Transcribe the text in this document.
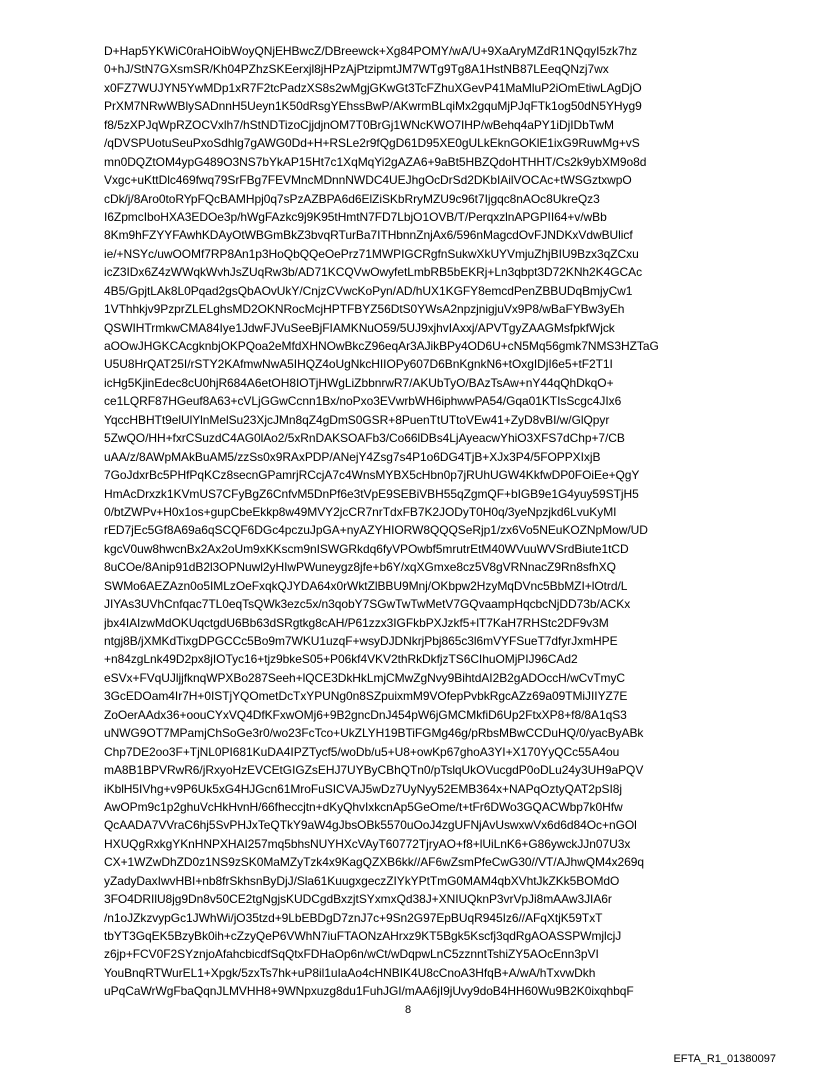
D+Hap5YKWiC0raHOibWoyQNjEHBwcZ/DBreewck+Xg84POMY/wA/U+9XaAryMZdR1NQqyI5zk7hz
0+hJ/StN7GXsmSR/Kh04PZhzSKEerxjl8jHPzAjPtzipmtJM7WTg9Tg8A1HstNB87LEeqQNzj7wx
x0FZ7WUJYN5YwMDp1xR7F2tcPadzXS8s2wMgjGKwGt3TcFZhuXGevP41MaMluP2iOmEtiwLAgDjO
PrXM7NRwWBlySADnnH5Ueyn1K50dRsgYEhssBwP/AKwrmBLqiMx2gquMjPJqFTk1og50dN5YHyg9
f8/5zXPJqWpRZOCVxlh7/hStNDTizoCjjdjnOM7T0BrGj1WNcKWO7IHP/wBehq4aPY1iDjIDbTwM
/qDVSPUotuSeuPxoSdhlg7gAWG0Dd+H+RSLe2r9fQgD61D95XE0gULkEknGOKlE1ixG9RuwMg+vS
mn0DQZtOM4ypG489O3NS7bYkAP15Ht7c1XqMqYi2gAZA6+9aBt5HBZQdoHTHHT/Cs2k9ybXM9o8d
Vxgc+uKttDlc469fwq79SrFBg7FEVMncMDnnNWDC4UEJhgOcDrSd2DKbIAilVOCAc+tWSGztxwpO
cDk/j/8Aro0toRYpFQcBAMHpj0q7sPzAZBPA6d6ElZiSKbRryMZU9c96t7Ijgqc8nAOc8UkreQz3
I6ZpmcIboHXA3EDOe3p/hWgFAzkc9j9K95tHmtN7FD7LbjO1OVB/T/PerqxzlnAPGPII64+v/wBb
8Km9hFZYYFAwhKDAyOtWBGmBkZ3bvqRTurBa7ITHbnnZnjAx6/596nMagcdOvFJNDKxVdwBUlicf
ie/+NSYc/uwOOMf7RP8An1p3HoQbQQeOePrz71MWPIGCRgfnSukwXkUYVmjuZhjBIU9Bzx3qZCxu
icZ3IDx6Z4zWWqkWvhJsZUqRw3b/AD71KCQVwOwyfetLmbRB5bEKRj+Ln3qbpt3D72KNh2K4GCAc
4B5/GpjtLAk8L0Pqad2gsQbAOvUkY/CnjzCVwcKoPyn/AD/hUX1KGFY8emcdPenZBBUDqBmjyCw1
1VThhkjv9PzprZLELghsMD2OKNRocMcjHPTFBYZ56DtS0YWsA2npzjnigjuVx9P8/wBaFYBw3yEh
QSWIHTrmkwCMA84Iye1JdwFJVuSeeBjFIAMKNuO59/5UJ9xjhvIAxxj/APVTgyZAAGMsfpkfWjck
aOOwJHGKCAcgknbjOKPQoa2eMfdXHNOwBkcZ96eqAr3AJikBPy4OD6U+cN5Mq56gmk7NMS3HZTaG
U5U8HrQAT25I/rSTY2KAfmwNwA5IHQZ4oUgNkcHIIOPy607D6BnKgnkN6+tOxgIDjI6e5+tF2T1I
icHg5KjinEdec8cU0hjR684A6etOH8IOTjHWgLiZbbnrwR7/AKUbTyO/BAzTsAw+nY44qQhDkqO+
ce1LQRF87HGeuf8A63+cVLjGGwCcnn1Bx/noPxo3EVwrbWH6iphwwPA54/Gqa01KTIsScgc4JIx6
YqccHBHTt9elUlYlnMelSu23XjcJMn8qZ4gDmS0GSR+8PuenTtUTtoVEw41+ZyD8vBI/w/GlQpyr
5ZwQO/HH+fxrCSuzdC4AG0lAo2/5xRnDAKSOAFb3/Co66lDBs4LjAyeacwYhiO3XFS7dChp+7/CB
uAA/z/8AWpMAkBuAM5/zzSs0x9RAxPDP/ANejY4Zsg7s4P1o6DG4TjB+XJx3P4/5FOPPXIxjB
7GoJdxrBc5PHfPqKCz8secnGPamrjRCcjA7c4WnsMYBX5cHbn0p7jRUhUGW4KkfwDP0FOiEe+QgY
HmAcDrxzk1KVmUS7CFyBgZ6CnfvM5DnPf6e3tVpE9SEBiVBH55qZgmQF+bIGB9e1G4yuy59STjH5
0/btZWPv+H0x1os+gupCbeEkkp8w49MVY2jcCR7nrTdxFB7K2JODyT0H0q/3yeNpzjkd6LvuKyMI
rED7jEc5Gf8A69a6qSCQF6DGc4pczuJpGA+nyAZYHIORW8QQQSeRjp1/zx6Vo5NEuKOZNpMow/UD
kgcV0uw8hwcnBx2Ax2oUm9xKKscm9nISWGRkdq6fyVPOwbf5mrutrEtM40WVuuWVSrdBiute1tCD
8uCOe/8Anip91dB2l3OPNuwl2yHIwPWuneygz8jfe+b6Y/xqXGmxe8cz5V8gVRNnacZ9Rn8sfhXQ
SWMo6AEZAzn0o5IMLzOeFxqkQJYDA64x0rWktZlBBU9Mnj/OKbpw2HzyMqDVnc5BbMZI+lOtrd/L
JIYAs3UVhCnfqac7TL0eqTsQWk3ezc5x/n3qobY7SGwTwTwMetV7GQvaampHqcbcNjDD73b/ACKx
jbx4IAIzwMdOKUqctgdU6Bb63dSRgtkg8cAH/P61zzx3IGFkbPXJzkf5+lT7KaH7RHStc2DF9v3M
ntgj8B/jXMKdTixgDPGCCc5Bo9m7WKU1uzqF+wsyDJDNkrjPbj865c3l6mVYFSueT7dfyrJxmHPE
+n84zgLnk49D2px8jIOTyc16+tjz9bkeS05+P06kf4VKV2thRkDkfjzTS6CIhuOMjPIJ96CAd2
eSVx+FVqUJljjfknqWPXBo287Seeh+lQCE3DkHkLmjCMwZgNvy9BihtdAI2B2gADOccH/wCvTmyC
3GcEDOam4Ir7H+0ISTjYQOmetDcTxYPUNg0n8SZpuixmM9VOfepPvbkRgcAZz69a09TMiJIIYZ7E
ZoOerAAdx36+oouCYxVQ4DfKFxwOMj6+9B2gncDnJ454pW6jGMCMkfiD6Up2FtxXP8+f8/8A1qS3
uNWG9OT7MPamjChSoGe3r0/wo23FcTco+UkZLYH19BTiFGMg46g/pRbsMBwCCDuHQ/0/yacByABk
Chp7DE2oo3F+TjNL0PI681KuDA4IPZTycf5/woDb/u5+U8+owKp67ghoA3YI+X170YyQCc55A4ou
mA8B1BPVRwR6/jRxyoHzEVCEtGIGZsEHJ7UYByCBhQTn0/pTslqUkOVucgdP0oDLu24y3UH9aPQV
iKblH5IVhg+v9P6Uk5xG4HJGcn61MroFuSICVAJ5wDz7UyNyy52EMB364x+NAPqOztyQAT2pSI8j
AwOPm9c1p2ghuVcHkHvnH/66fheccjtn+dKyQhvIxkcnAp5GeOme/t+tFr6DWo3GQACWbp7k0Hfw
QcAADA7VVraC6hj5SvPHJxTeQTkY9aW4gJbsOBk5570uOoJ4zgUFNjAvUswxwVx6d6d84Oc+nGOl
HXUQgRxkgYKnHNPXHAI257mq5bhsNUYHXcVAyT60772TjryAO+f8+lUiLnK6+G86ywckJJn07U3x
CX+1WZwDhZD0z1NS9zSK0MaMZyTzk4x9KagQZXB6kk//AF6wZsmPfeCwG30//VT/AJhwQM4x269q
yZadyDaxIwvHBI+nb8frSkhsnByDjJ/Sla61KuugxgeczZIYkYPtTmG0MAM4qbXVhtJkZKk5BOMdO
3FO4DRIlU8jg9Dn8v50CE2tgNgjsKUDCgdBxzjtSYxmxQd38J+XNIUQknP3vrVpJi8mAAw3JIA6r
/n1oJZkzvypGc1JWhWi/jO35tzd+9LbEBDgD7znJ7c+9Sn2G97EpBUqR945Iz6//AFqXtjK59TxT
tbYT3GqEK5BzyBk0ih+cZzyQeP6VWhN7iuFTAONzAHrxz9KT5Bgk5Kscfj3qdRgAOASSPWmjlcjJ
z6jp+FCV0F2SYznjoAfahcbicdfSqQtxFDHaOp6n/wCt/wDqpwLnC5zznntTshiZY5AOcEnn3pVI
YouBnqRTWurEL1+Xpgk/5zxTs7hk+uP8il1uIaAo4cHNBIK4U8cCnoA3HfqB+A/wA/hTxvwDkh
uPqCaWrWgFbaQqnJLMVHH8+9WNpxuzg8du1FuhJGI/mAA6jI9jUvy9doB4HH60Wu9B2K0ixqhbqF
8
EFTA_R1_01380097
